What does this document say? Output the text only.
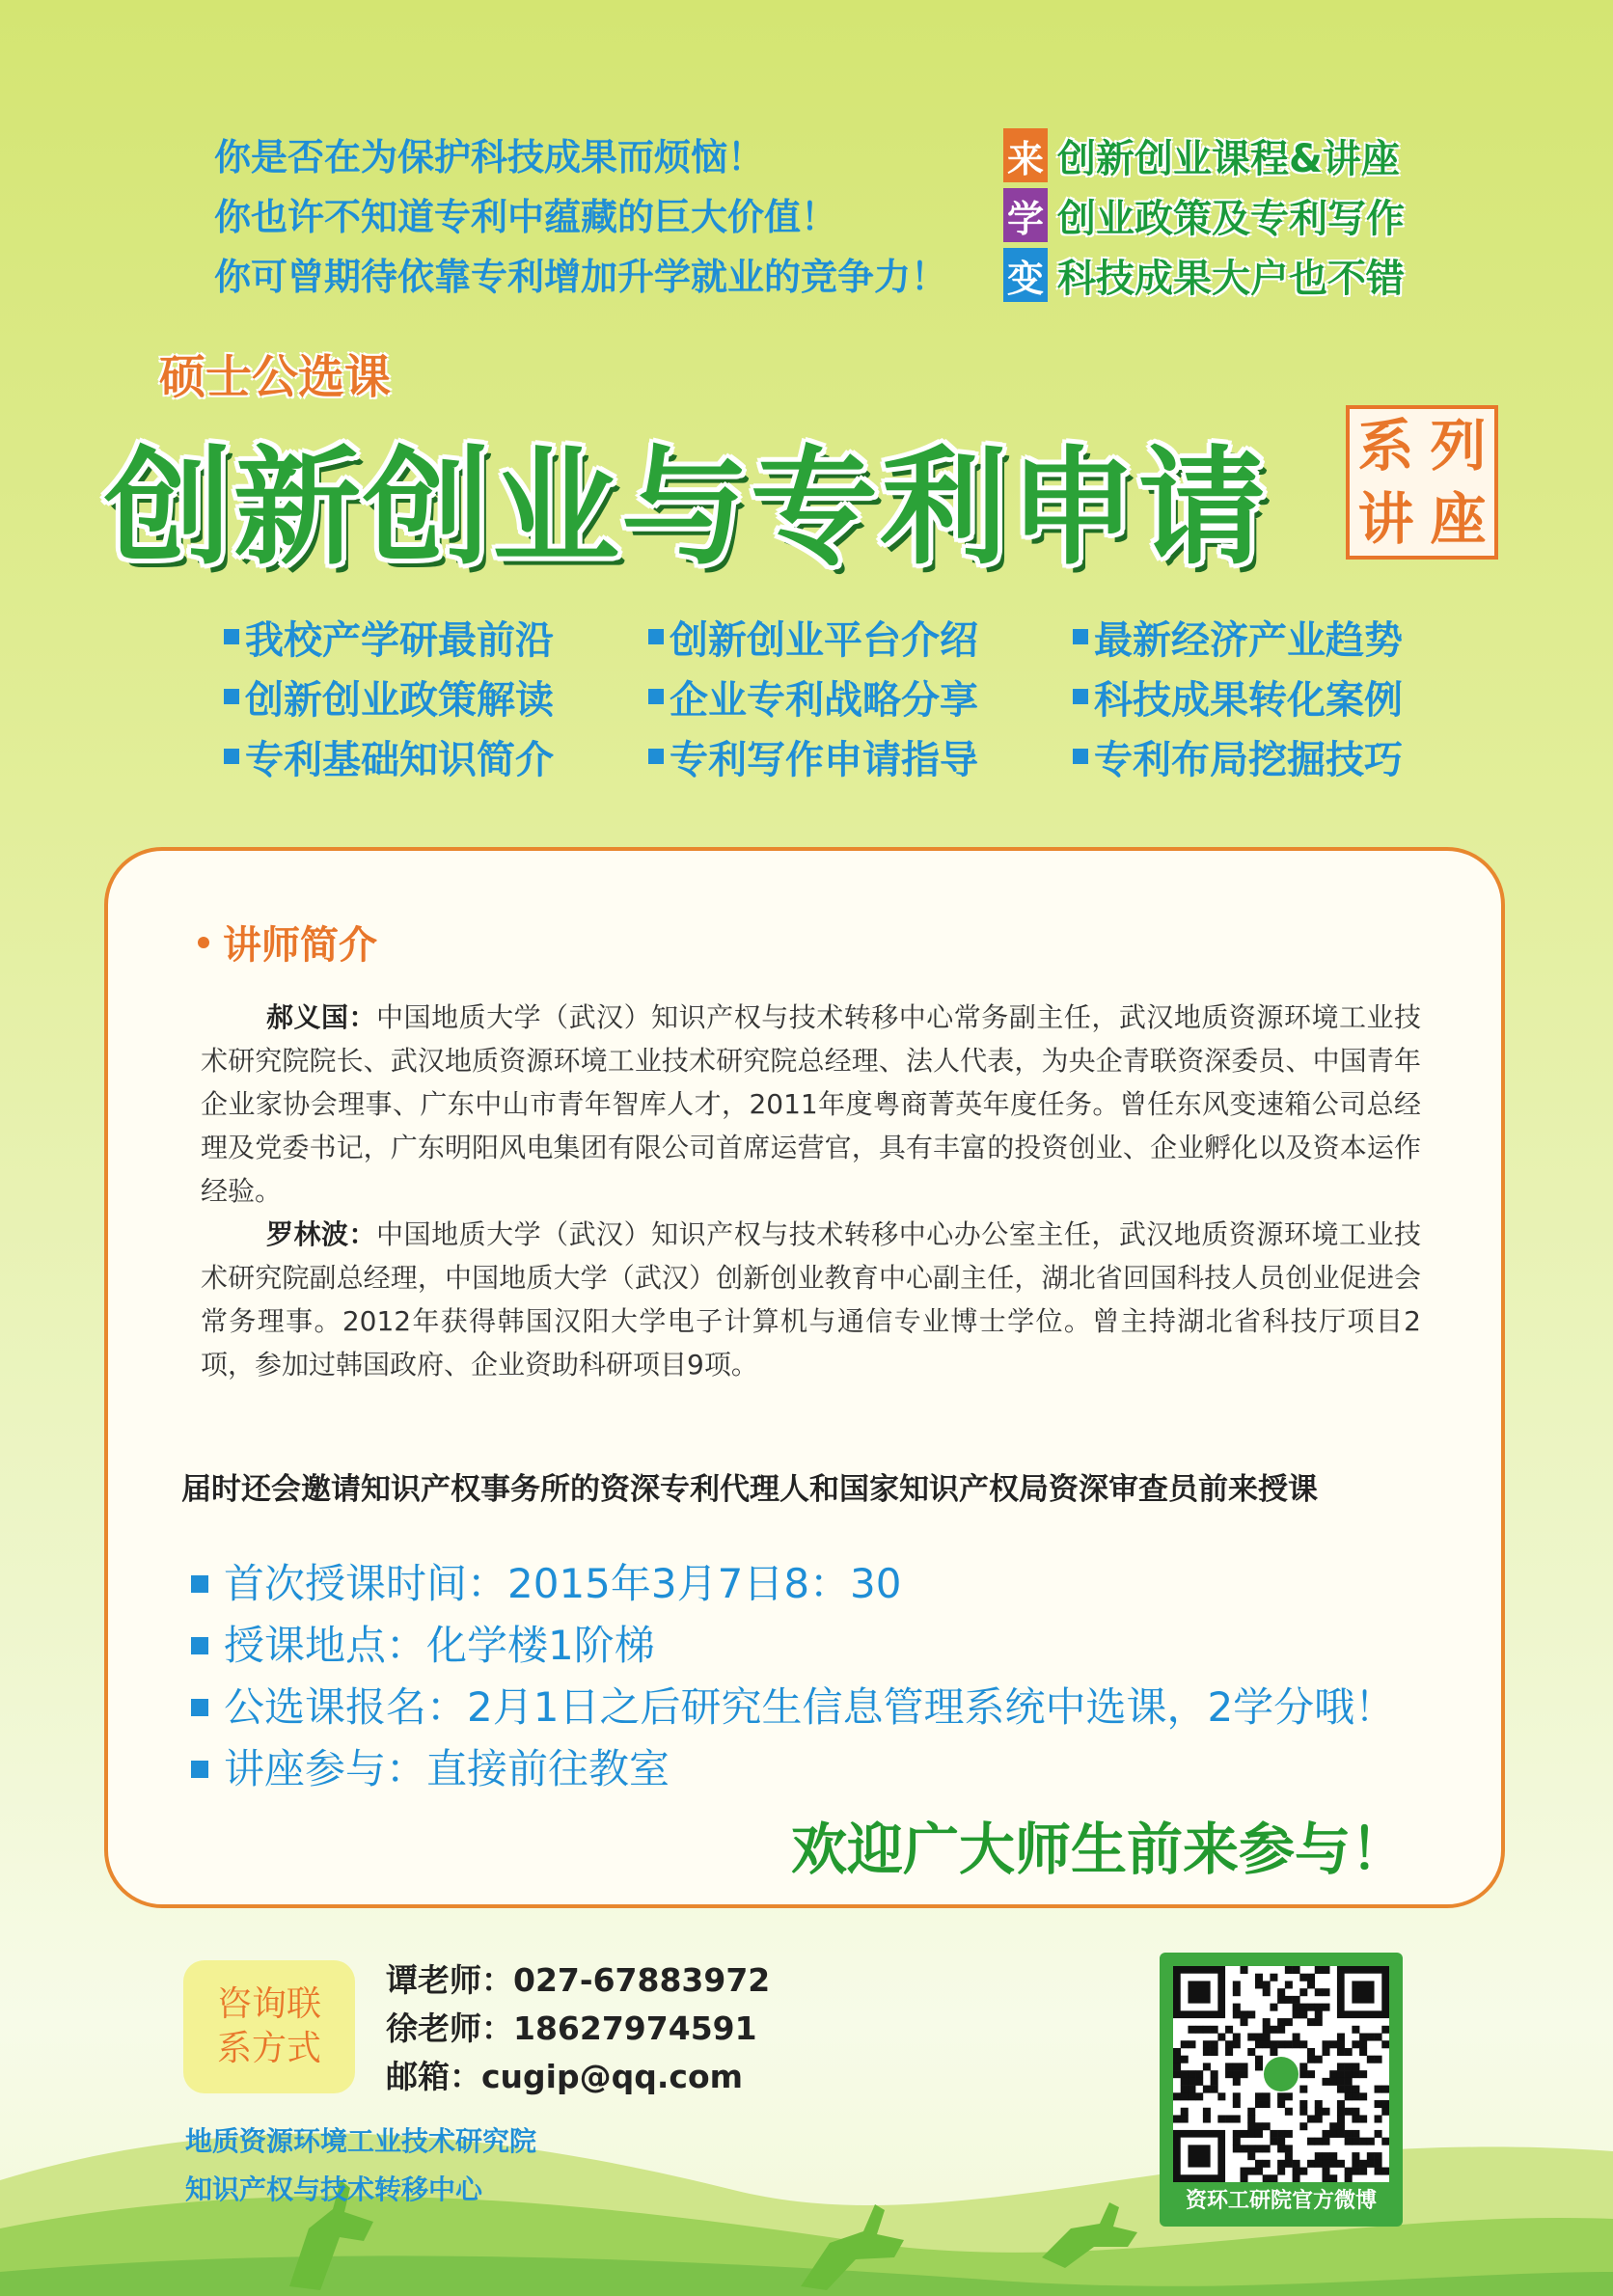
你是否在为保护科技成果而烦恼！
你也许不知道专利中蕴藏的巨大价值！
你可曾期待依靠专利增加升学就业的竞争力！
来 创新创业课程&讲座
学 创业政策及专利写作
变 科技成果大户也不错
硕士公选课
创新创业与专利申请 系 列
讲 座
我校产学研最前沿	创新创业平台介绍	最新经济产业趋势
创新创业政策解读	企业专利战略分享	科技成果转化案例
专利基础知识简介	专利写作申请指导	专利布局挖掘技巧
讲师简介
郝义国：中国地质大学（武汉）知识产权与技术转移中心常务副主任，武汉地质资源环境工业技术研究院院长、武汉地质资源环境工业技术研究院总经理、法人代表，为央企青联资深委员、中国青年企业家协会理事、广东中山市青年智库人才，2011年度粤商菁英年度任务。曾任东风变速箱公司总经理及党委书记，广东明阳风电集团有限公司首席运营官，具有丰富的投资创业、企业孵化以及资本运作经验。
罗林波：中国地质大学（武汉）知识产权与技术转移中心办公室主任，武汉地质资源环境工业技术研究院副总经理，中国地质大学（武汉）创新创业教育中心副主任，湖北省回国科技人员创业促进会常务理事。2012年获得韩国汉阳大学电子计算机与通信专业博士学位。曾主持湖北省科技厅项目2项，参加过韩国政府、企业资助科研项目9项。
届时还会邀请知识产权事务所的资深专利代理人和国家知识产权局资深审查员前来授课
首次授课时间：2015年3月7日8：30
授课地点：化学楼1阶梯
公选课报名：2月1日之后研究生信息管理系统中选课，2学分哦！
讲座参与：直接前往教室
欢迎广大师生前来参与！
咨询联
系方式
谭老师：027-67883972
徐老师：18627974591
邮箱：cugip@qq.com
地质资源环境工业技术研究院
知识产权与技术转移中心	资环工研院官方微博
